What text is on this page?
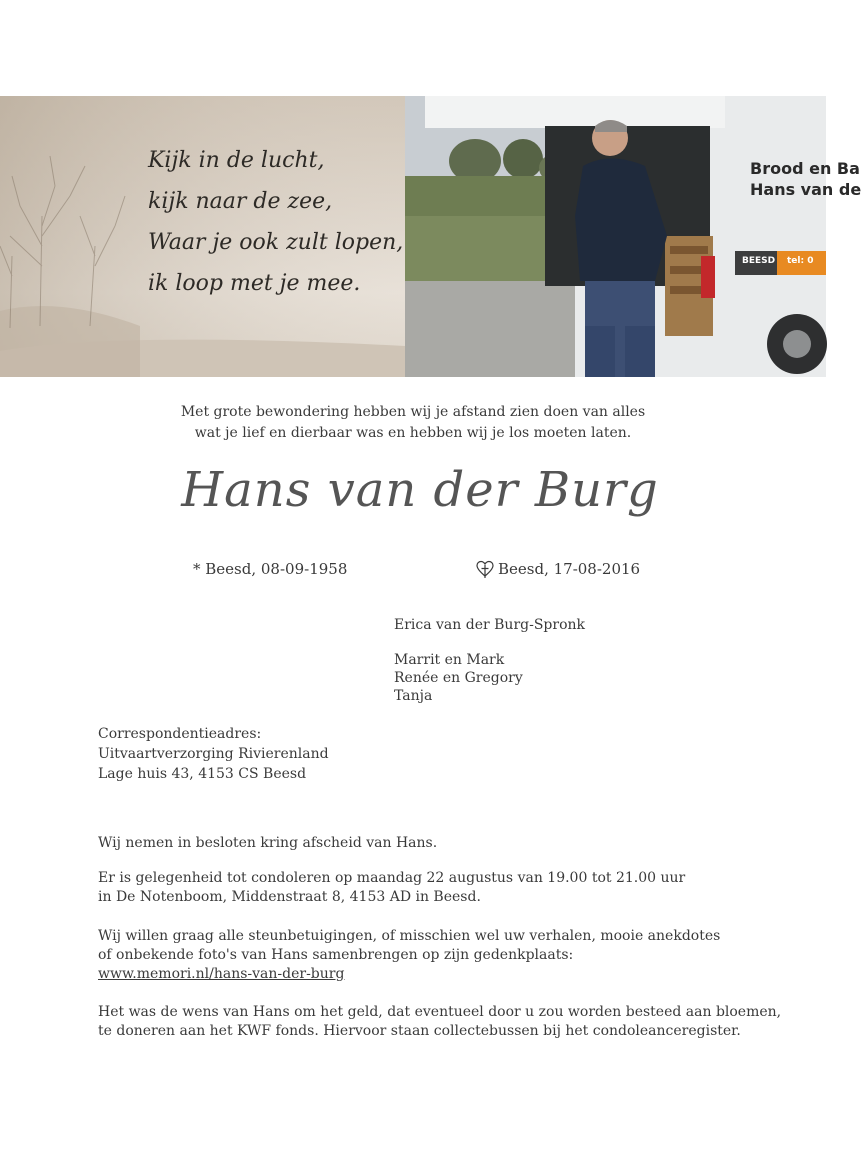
Kijk in de lucht,
kijk naar de zee,
Waar je ook zult lopen,
ik loop met je mee.
Brood en Ba
Hans van de
BEESD tel: 0
Met grote bewondering hebben wij je afstand zien doen van alles
wat je lief en dierbaar was en hebben wij je los moeten laten.
Hans van der Burg
* Beesd, 08-09-1958	Beesd, 17-08-2016
Erica van der Burg-Spronk
Marrit en Mark
Renée en Gregory
Tanja
Correspondentieadres:
Uitvaartverzorging Rivierenland
Lage huis 43, 4153 CS Beesd
Wij nemen in besloten kring afscheid van Hans.
Er is gelegenheid tot condoleren op maandag 22 augustus van 19.00 tot 21.00 uur
in De Notenboom, Middenstraat 8, 4153 AD in Beesd.
Wij willen graag alle steunbetuigingen, of misschien wel uw verhalen, mooie anekdotes
of onbekende foto's van Hans samenbrengen op zijn gedenkplaats:
www.memori.nl/hans-van-der-burg
Het was de wens van Hans om het geld, dat eventueel door u zou worden besteed aan bloemen,
te doneren aan het KWF fonds. Hiervoor staan collectebussen bij het condoleanceregister.
